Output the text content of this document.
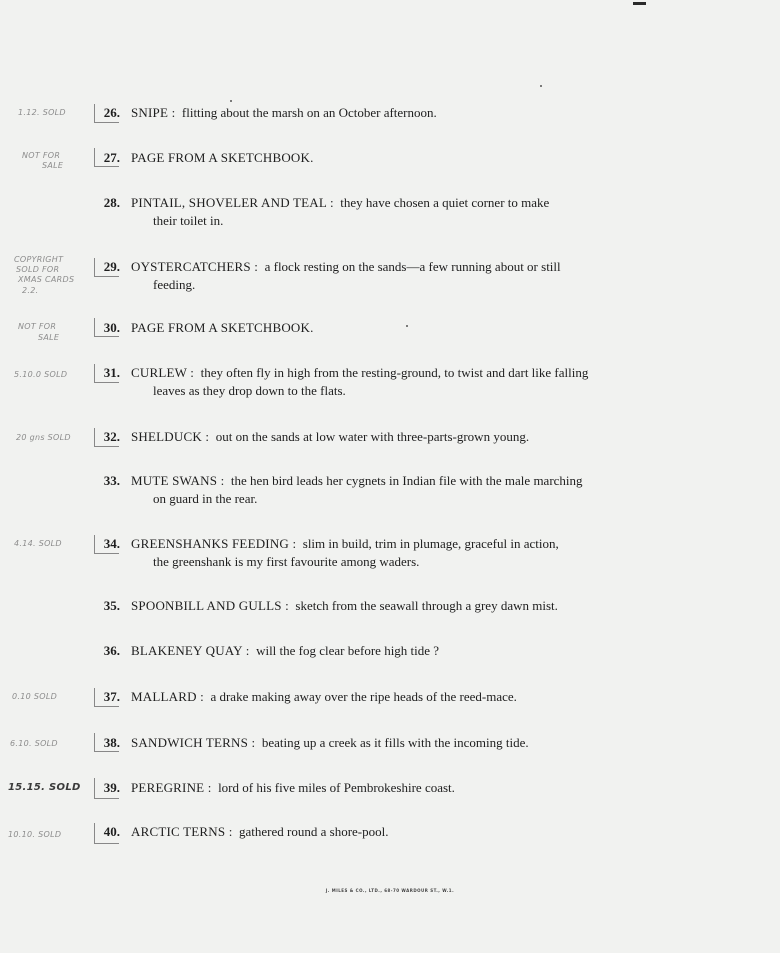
1.12. SOLD
NOT FOR
SALE
COPYRIGHT
SOLD FOR
XMAS CARDS
2.2.
NOT FOR
SALE
5.10.0 SOLD
20 gns SOLD
4.14. SOLD
0.10 SOLD
6.10. SOLD
15.15. SOLD
10.10. SOLD
26. SNIPE : flitting about the marsh on an October afternoon.
27. PAGE FROM A SKETCHBOOK.
28. PINTAIL, SHOVELER AND TEAL : they have chosen a quiet corner to make
their toilet in.
29. OYSTERCATCHERS : a flock resting on the sands—a few running about or still
feeding.
30. PAGE FROM A SKETCHBOOK.
31. CURLEW : they often fly in high from the resting-ground, to twist and dart like falling
leaves as they drop down to the flats.
32. SHELDUCK : out on the sands at low water with three-parts-grown young.
33. MUTE SWANS : the hen bird leads her cygnets in Indian file with the male marching
on guard in the rear.
34. GREENSHANKS FEEDING : slim in build, trim in plumage, graceful in action,
the greenshank is my first favourite among waders.
35. SPOONBILL AND GULLS : sketch from the seawall through a grey dawn mist.
36. BLAKENEY QUAY : will the fog clear before high tide ?
37. MALLARD : a drake making away over the ripe heads of the reed-mace.
38. SANDWICH TERNS : beating up a creek as it fills with the incoming tide.
39. PEREGRINE : lord of his five miles of Pembrokeshire coast.
40. ARCTIC TERNS : gathered round a shore-pool.
J. MILES & CO., LTD., 68-70 WARDOUR ST., W.1.
